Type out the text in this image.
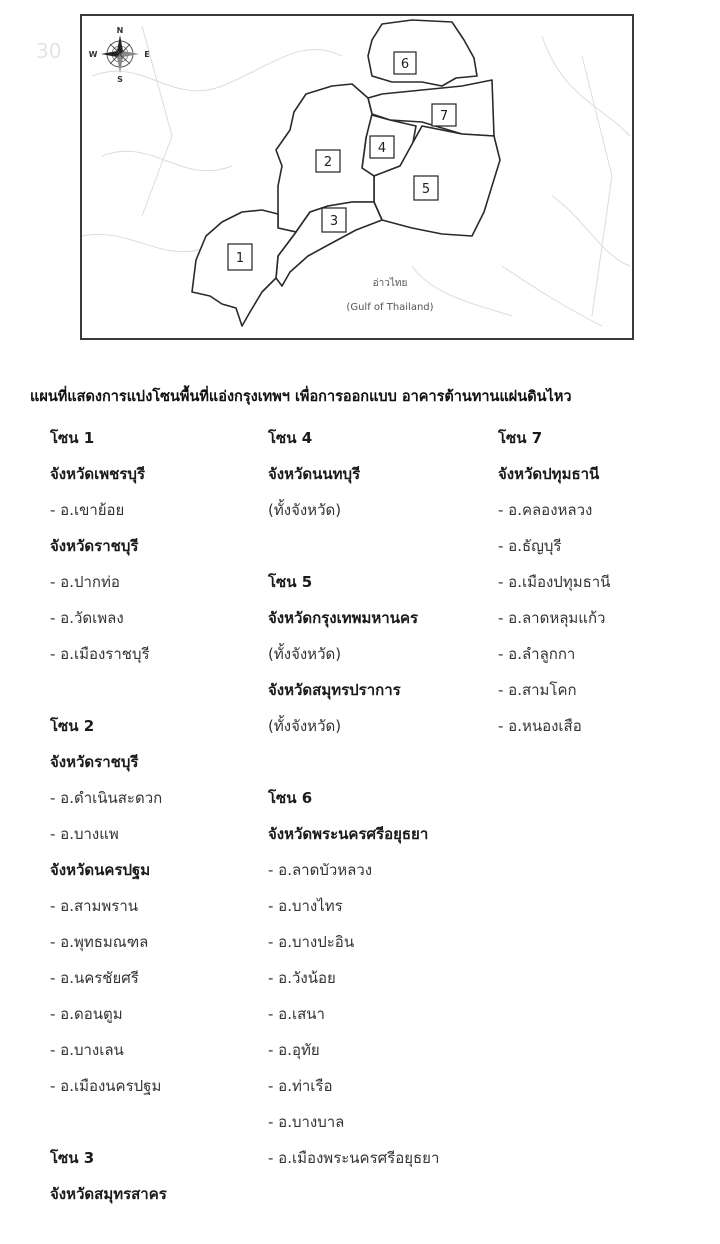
6
7
4
2
5
3
1
อ่าวไทย
(Gulf of Thailand)
30
N
S
E
W
แผนที่แสดงการแบ่งโซนพื้นที่แอ่งกรุงเทพฯ เพื่อการออกแบบ อาคารต้านทานแผ่นดินไหว
โซน 1
จังหวัดเพชรบุรี
- อ.เขาย้อย
จังหวัดราชบุรี
- อ.ปากท่อ
- อ.วัดเพลง
- อ.เมืองราชบุรี
โซน 2
จังหวัดราชบุรี
- อ.ดำเนินสะดวก
- อ.บางแพ
จังหวัดนครปฐม
- อ.สามพราน
- อ.พุทธมณฑล
- อ.นครชัยศรี
- อ.ดอนตูม
- อ.บางเลน
- อ.เมืองนครปฐม
โซน 3
จังหวัดสมุทรสาคร
โซน 4
จังหวัดนนทบุรี
(ทั้งจังหวัด)
โซน 5
จังหวัดกรุงเทพมหานคร
(ทั้งจังหวัด)
จังหวัดสมุทรปราการ
(ทั้งจังหวัด)
โซน 6
จังหวัดพระนครศรีอยุธยา
- อ.ลาดบัวหลวง
- อ.บางไทร
- อ.บางปะอิน
- อ.วังน้อย
- อ.เสนา
- อ.อุทัย
- อ.ท่าเรือ
- อ.บางบาล
- อ.เมืองพระนครศรีอยุธยา
โซน 7
จังหวัดปทุมธานี
- อ.คลองหลวง
- อ.ธัญบุรี
- อ.เมืองปทุมธานี
- อ.ลาดหลุมแก้ว
- อ.ลำลูกกา
- อ.สามโคก
- อ.หนองเสือ
